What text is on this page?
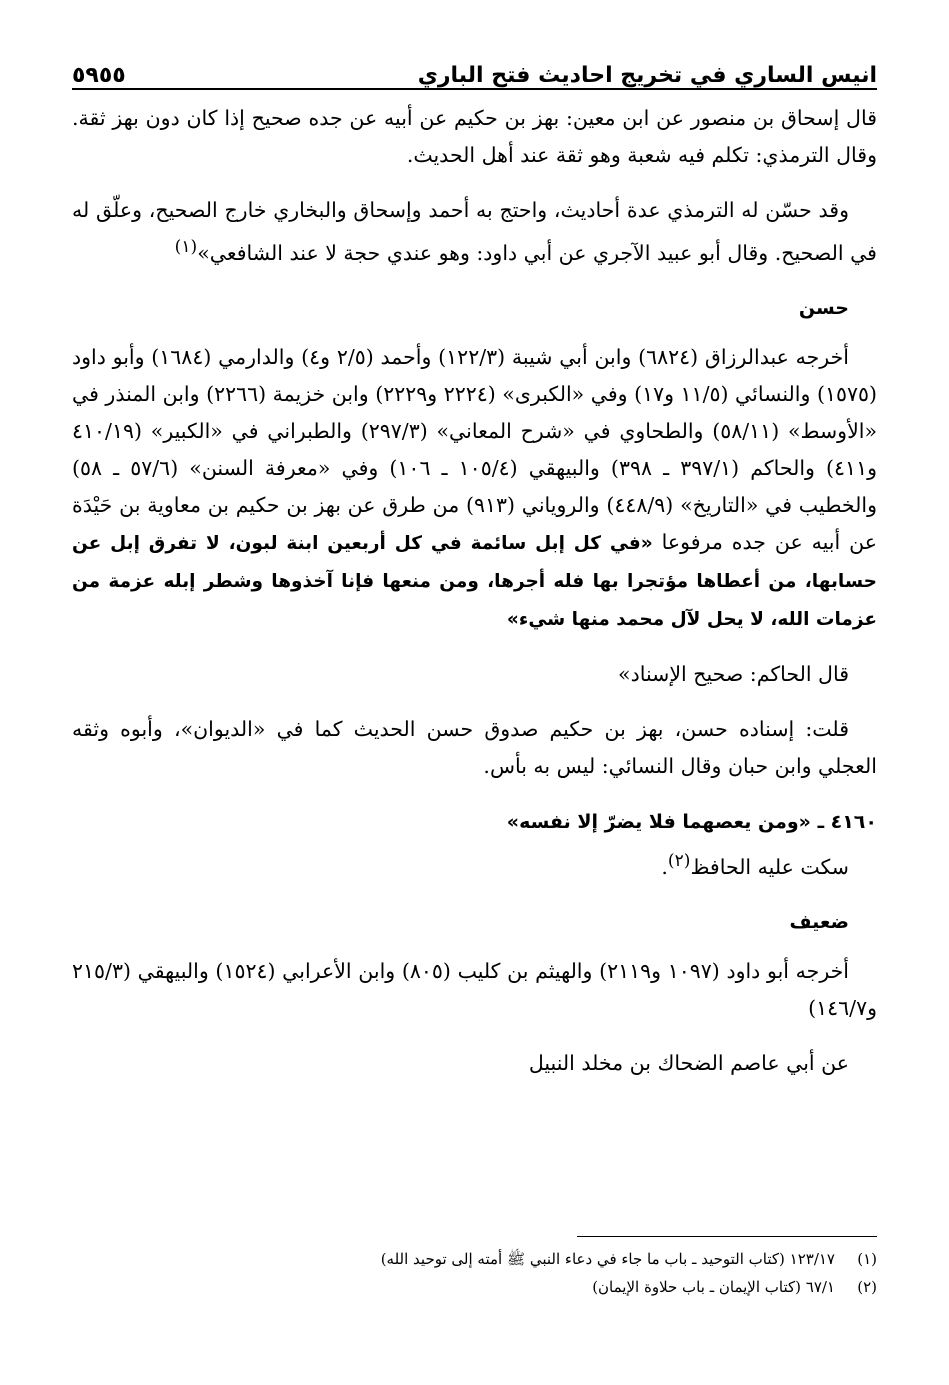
انيس الساري في تخريج احاديث فتح الباري
٥٩٥٥

قال إسحاق بن منصور عن ابن معين: بهز بن حكيم عن أبيه عن جده صحيح إذا كان دون بهز ثقة. وقال الترمذي: تكلم فيه شعبة وهو ثقة عند أهل الحديث.

وقد حسّن له الترمذي عدة أحاديث، واحتج به أحمد وإسحاق والبخاري خارج الصحيح، وعلّق له في الصحيح. وقال أبو عبيد الآجري عن أبي داود: وهو عندي حجة لا عند الشافعي»$^{(١)}$

حسن

أخرجه عبدالرزاق (٦٨٢٤) وابن أبي شيبة (١٢٢/٣) وأحمد (٢/٥ و٤) والدارمي (١٦٨٤) وأبو داود (١٥٧٥) والنسائي (١١/٥ و١٧) وفي «الكبرى» (٢٢٢٤ و٢٢٢٩) وابن خزيمة (٢٢٦٦) وابن المنذر في «الأوسط» (٥٨/١١) والطحاوي في «شرح المعاني» (٢٩٧/٣) والطبراني في «الكبير» (٤١٠/١٩ و٤١١) والحاكم (٣٩٧/١ ـ ٣٩٨) والبيهقي (١٠٥/٤ ـ ١٠٦) وفي «معرفة السنن» (٥٧/٦ ـ ٥٨) والخطيب في «التاريخ» (٤٤٨/٩) والروياني (٩١٣) من طرق عن بهز بن حكيم بن معاوية بن حَيْدَة عن أبيه عن جده مرفوعا «في كل إبل سائمة في كل أربعين ابنة لبون، لا تفرق إبل عن حسابها، من أعطاها مؤتجرا بها فله أجرها، ومن منعها فإنا آخذوها وشطر إبله عزمة من عزمات الله، لا يحل لآل محمد منها شيء»

قال الحاكم: صحيح الإسناد»

قلت: إسناده حسن، بهز بن حكيم صدوق حسن الحديث كما في «الديوان»، وأبوه وثقه العجلي وابن حبان وقال النسائي: ليس به بأس.

٤١٦٠ ـ «ومن يعصهما فلا يضرّ إلا نفسه»

سكت عليه الحافظ$^{(٢)}$.

ضعيف

أخرجه أبو داود (١٠٩٧ و٢١١٩) والهيثم بن كليب (٨٠٥) وابن الأعرابي (١٥٢٤) والبيهقي (٢١٥/٣ و١٤٦/٧)

عن أبي عاصم الضحاك بن مخلد النبيل

(١)١٢٣/١٧ (كتاب التوحيد ـ باب ما جاء في دعاء النبي ﷺ أمته إلى توحيد الله)
(٢)٦٧/١ (كتاب الإيمان ـ باب حلاوة الإيمان)
